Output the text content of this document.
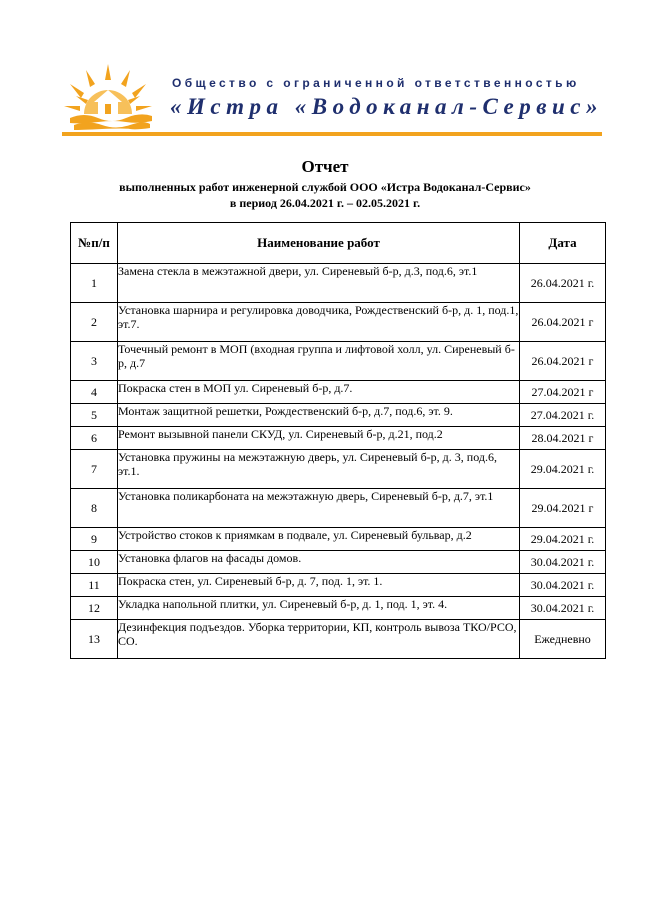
Общество с ограниченной ответственностью
«Истра «Водоканал-Сервис»
Отчет
выполненных работ инженерной службой ООО «Истра Водоканал-Сервис»
в период 26.04.2021 г. – 02.05.2021 г.
№п/п	Наименование работ	Дата
1	Замена стекла в межэтажной двери, ул. Сиреневый б-р, д.3, под.6, эт.1	26.04.2021 г.
2	Установка шарнира и регулировка доводчика, Рождественский б-р, д. 1, под.1, эт.7.	26.04.2021 г
3	Точечный ремонт в МОП (входная группа и лифтовой холл, ул. Сиреневый б-р, д.7	26.04.2021 г
4	Покраска стен в МОП ул. Сиреневый б-р, д.7.	27.04.2021 г
5	Монтаж защитной решетки, Рождественский б-р, д.7, под.6, эт. 9.	27.04.2021 г.
6	Ремонт вызывной панели СКУД, ул. Сиреневый б-р, д.21, под.2	28.04.2021 г
7	Установка пружины на межэтажную дверь, ул. Сиреневый б-р, д. 3, под.6, эт.1.	29.04.2021 г.
8	Установка поликарбоната на межэтажную дверь, Сиреневый б-р, д.7, эт.1	29.04.2021 г
9	Устройство стоков к приямкам в подвале, ул. Сиреневый бульвар, д.2	29.04.2021 г.
10	Установка флагов на фасады домов.	30.04.2021 г.
11	Покраска стен, ул. Сиреневый б-р, д. 7, под. 1, эт. 1.	30.04.2021 г.
12	Укладка напольной плитки, ул. Сиреневый б-р, д. 1, под. 1, эт. 4.	30.04.2021 г.
13	Дезинфекция подъездов. Уборка территории, КП, контроль вывоза ТКО/РСО, СО.	Ежедневно
